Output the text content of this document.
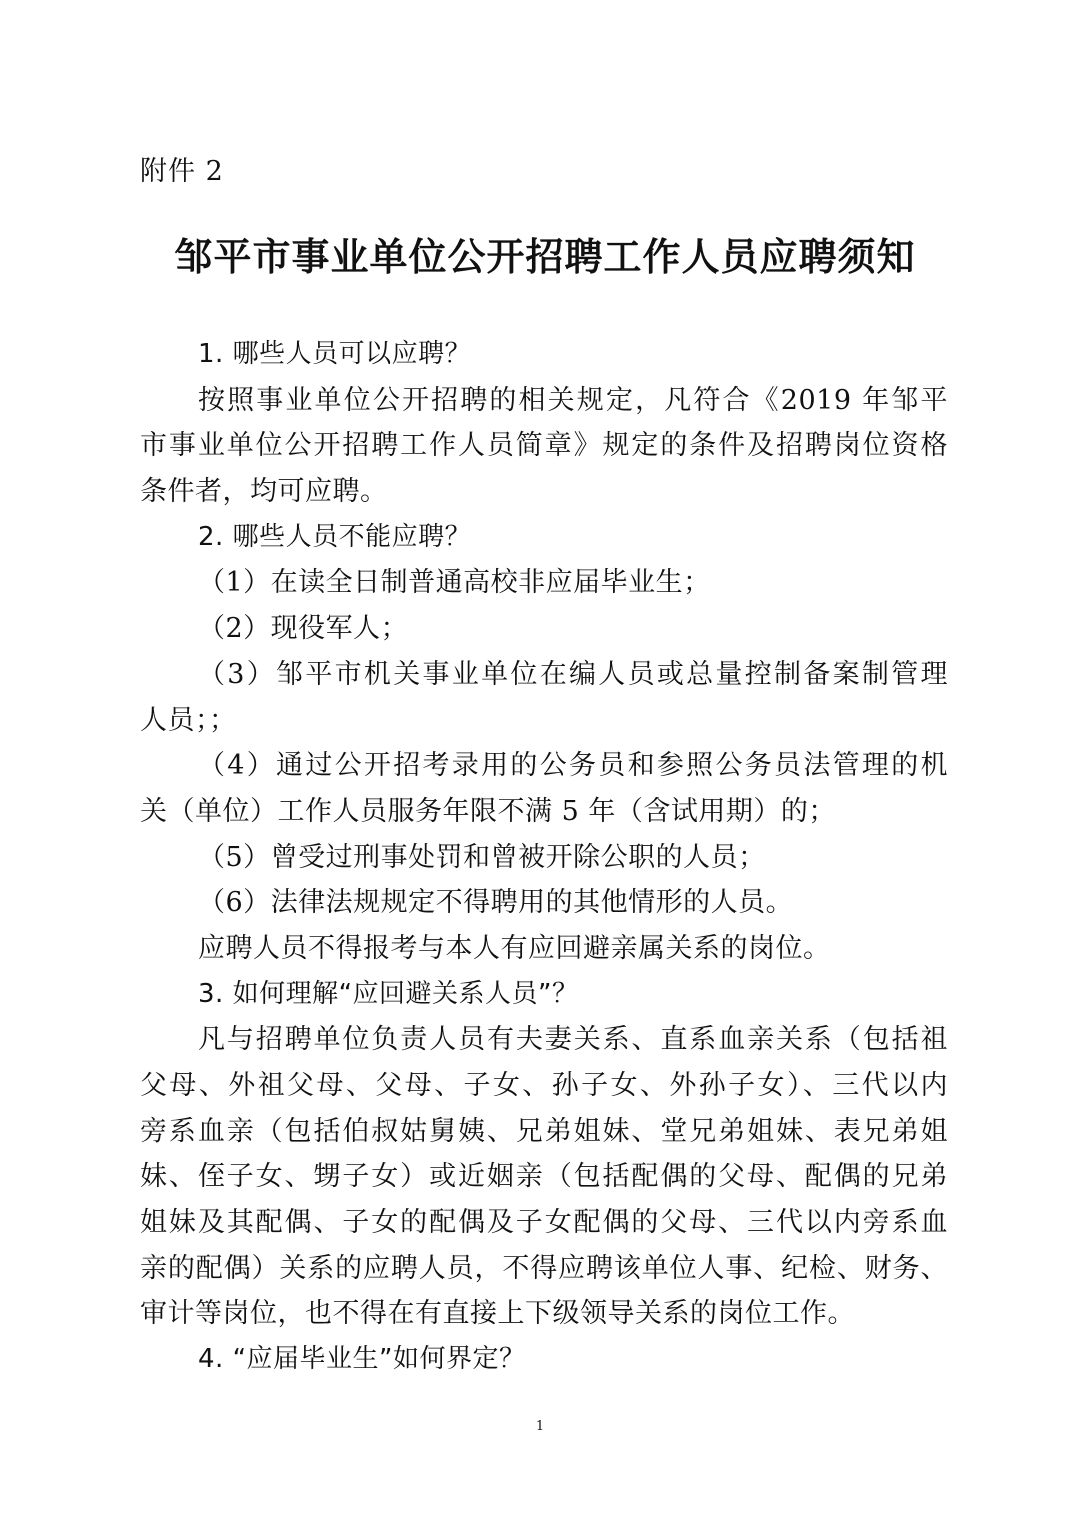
附件 2
邹平市事业单位公开招聘工作人员应聘须知
1. 哪些人员可以应聘？
按照事业单位公开招聘的相关规定，凡符合《2019 年邹平
市事业单位公开招聘工作人员简章》规定的条件及招聘岗位资格
条件者，均可应聘。
2. 哪些人员不能应聘？
（1）在读全日制普通高校非应届毕业生；
（2）现役军人；
（3）邹平市机关事业单位在编人员或总量控制备案制管理
人员；；
（4）通过公开招考录用的公务员和参照公务员法管理的机
关（单位）工作人员服务年限不满 5 年（含试用期）的；
（5）曾受过刑事处罚和曾被开除公职的人员；
（6）法律法规规定不得聘用的其他情形的人员。
应聘人员不得报考与本人有应回避亲属关系的岗位。
3. 如何理解“应回避关系人员”？
凡与招聘单位负责人员有夫妻关系、直系血亲关系（包括祖
父母、外祖父母、父母、子女、孙子女、外孙子女）、三代以内
旁系血亲（包括伯叔姑舅姨、兄弟姐妹、堂兄弟姐妹、表兄弟姐
妹、侄子女、甥子女）或近姻亲（包括配偶的父母、配偶的兄弟
姐妹及其配偶、子女的配偶及子女配偶的父母、三代以内旁系血
亲的配偶）关系的应聘人员，不得应聘该单位人事、纪检、财务、
审计等岗位，也不得在有直接上下级领导关系的岗位工作。
4. “应届毕业生”如何界定？
1
